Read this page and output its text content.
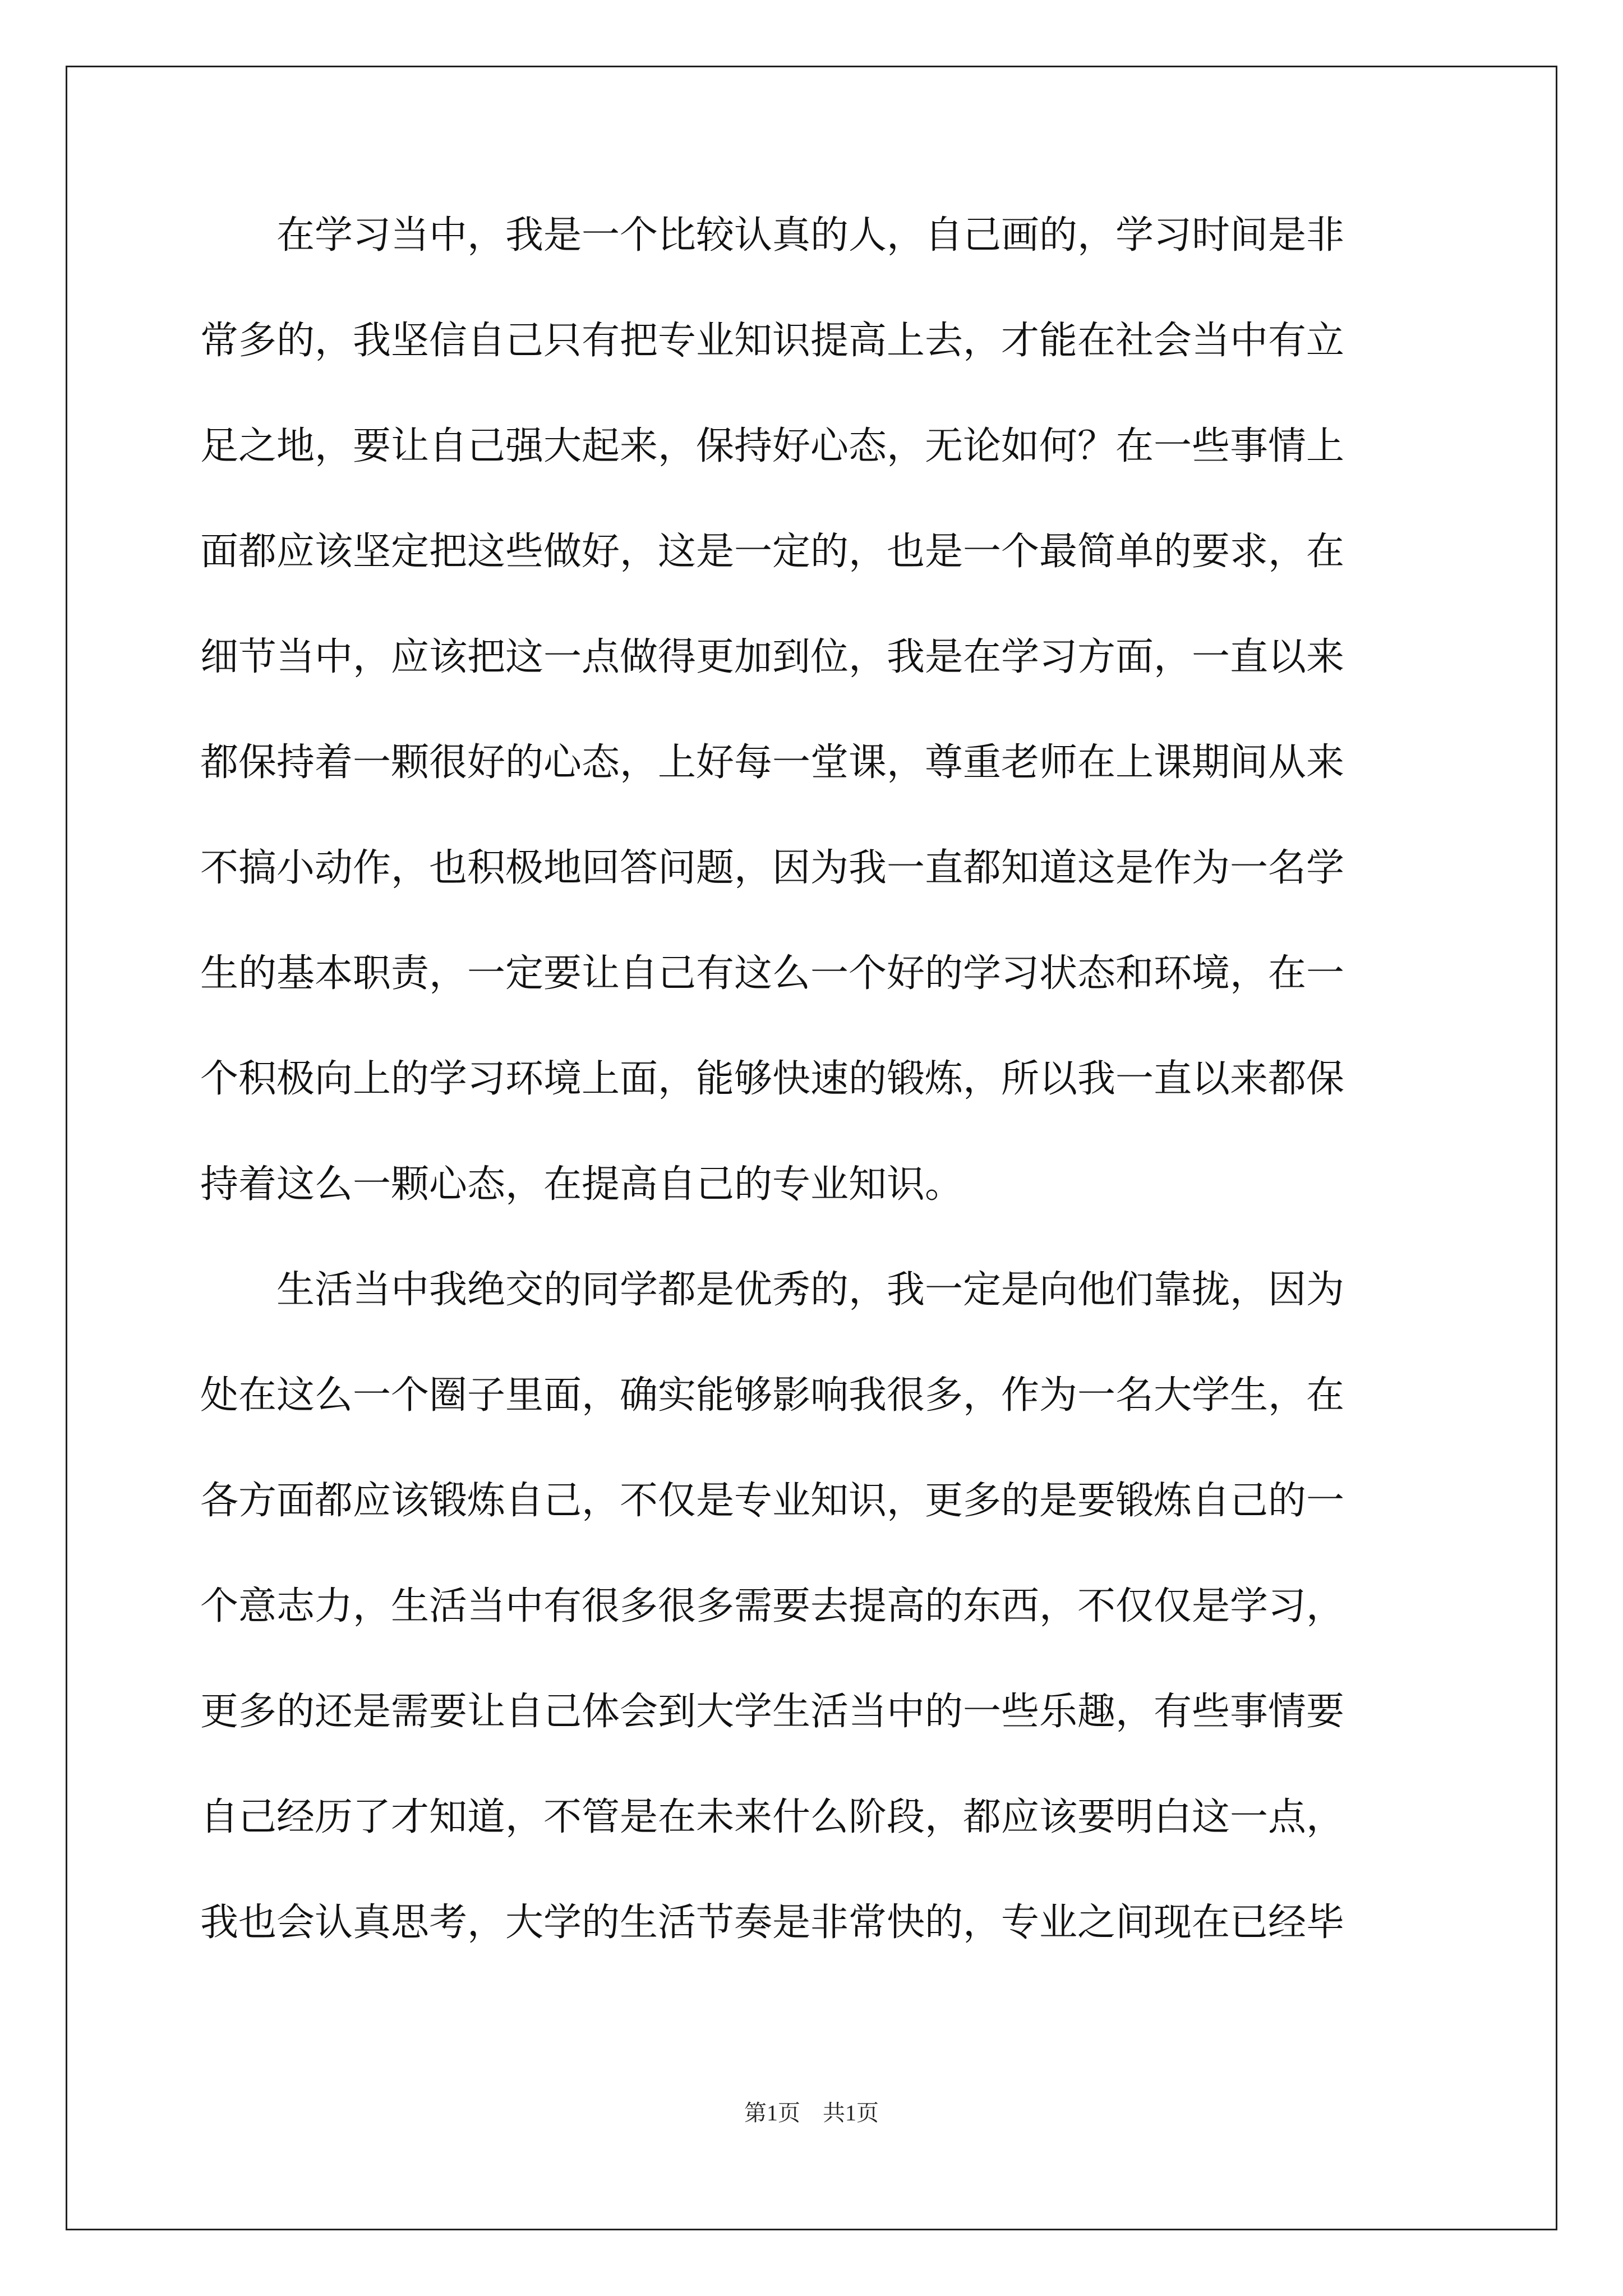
　　在学习当中，我是一个比较认真的人，自己画的，学习时间是非
常多的，我坚信自己只有把专业知识提高上去，才能在社会当中有立
足之地，要让自己强大起来，保持好心态，无论如何？在一些事情上
面都应该坚定把这些做好，这是一定的，也是一个最简单的要求，在
细节当中，应该把这一点做得更加到位，我是在学习方面，一直以来
都保持着一颗很好的心态，上好每一堂课，尊重老师在上课期间从来
不搞小动作，也积极地回答问题，因为我一直都知道这是作为一名学
生的基本职责，一定要让自己有这么一个好的学习状态和环境，在一
个积极向上的学习环境上面，能够快速的锻炼，所以我一直以来都保
持着这么一颗心态，在提高自己的专业知识。
　　生活当中我绝交的同学都是优秀的，我一定是向他们靠拢，因为
处在这么一个圈子里面，确实能够影响我很多，作为一名大学生，在
各方面都应该锻炼自己，不仅是专业知识，更多的是要锻炼自己的一
个意志力，生活当中有很多很多需要去提高的东西，不仅仅是学习，
更多的还是需要让自己体会到大学生活当中的一些乐趣，有些事情要
自己经历了才知道，不管是在未来什么阶段，都应该要明白这一点，
我也会认真思考，大学的生活节奏是非常快的，专业之间现在已经毕
第1页    共1页
